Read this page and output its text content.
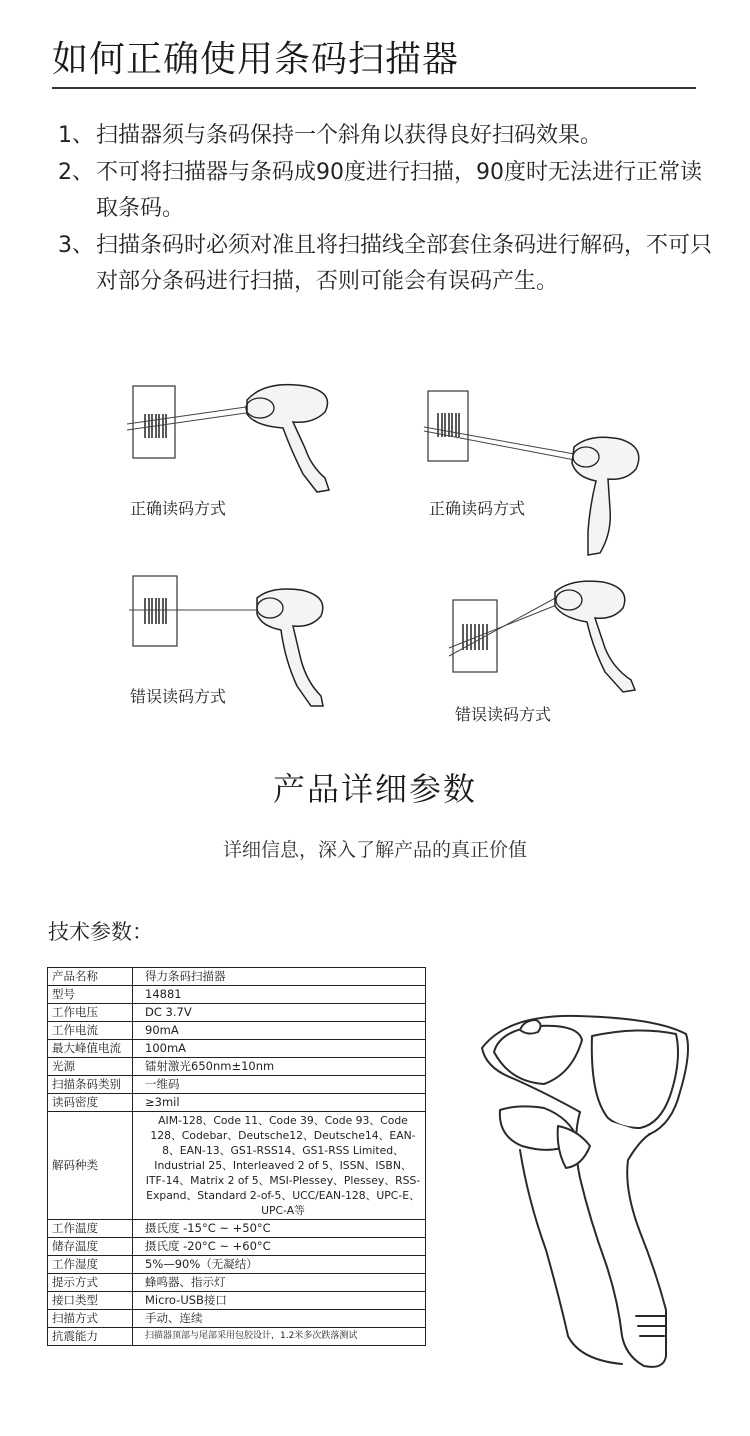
如何正确使用条码扫描器
1、 扫描器须与条码保持一个斜角以获得良好扫码效果。
2、 不可将扫描器与条码成90度进行扫描，90度时无法进行正常读取条码。
3、 扫描条码时必须对准且将扫描线全部套住条码进行解码，不可只对部分条码进行扫描，否则可能会有误码产生。
正确读码方式	正确读码方式
错误读码方式
错误读码方式
产品详细参数
详细信息，深入了解产品的真正价值
技术参数：
产品名称	得力条码扫描器
型号	14881
工作电压	DC 3.7V
工作电流	90mA
最大峰值电流	100mA
光源	镭射激光650nm±10nm
扫描条码类别	一维码
读码密度	≥3mil
解码种类	AIM-128、Code 11、Code 39、Code 93、Code 128、Codebar、Deutsche12、Deutsche14、EAN-8、EAN-13、GS1-RSS14、GS1-RSS Limited、Industrial 25、Interleaved 2 of 5、ISSN、ISBN、ITF-14、Matrix 2 of 5、MSI-Plessey、Plessey、RSS-Expand、Standard 2-of-5、UCC/EAN-128、UPC-E、UPC-A等
工作温度	摄氏度 -15°C ~ +50°C
储存温度	摄氏度 -20°C ~ +60°C
工作湿度	5%—90%（无凝结）
提示方式	蜂鸣器、指示灯
接口类型	Micro-USB接口
扫描方式	手动、连续
抗震能力	扫描器顶部与尾部采用包胶设计，1.2米多次跌落测试
